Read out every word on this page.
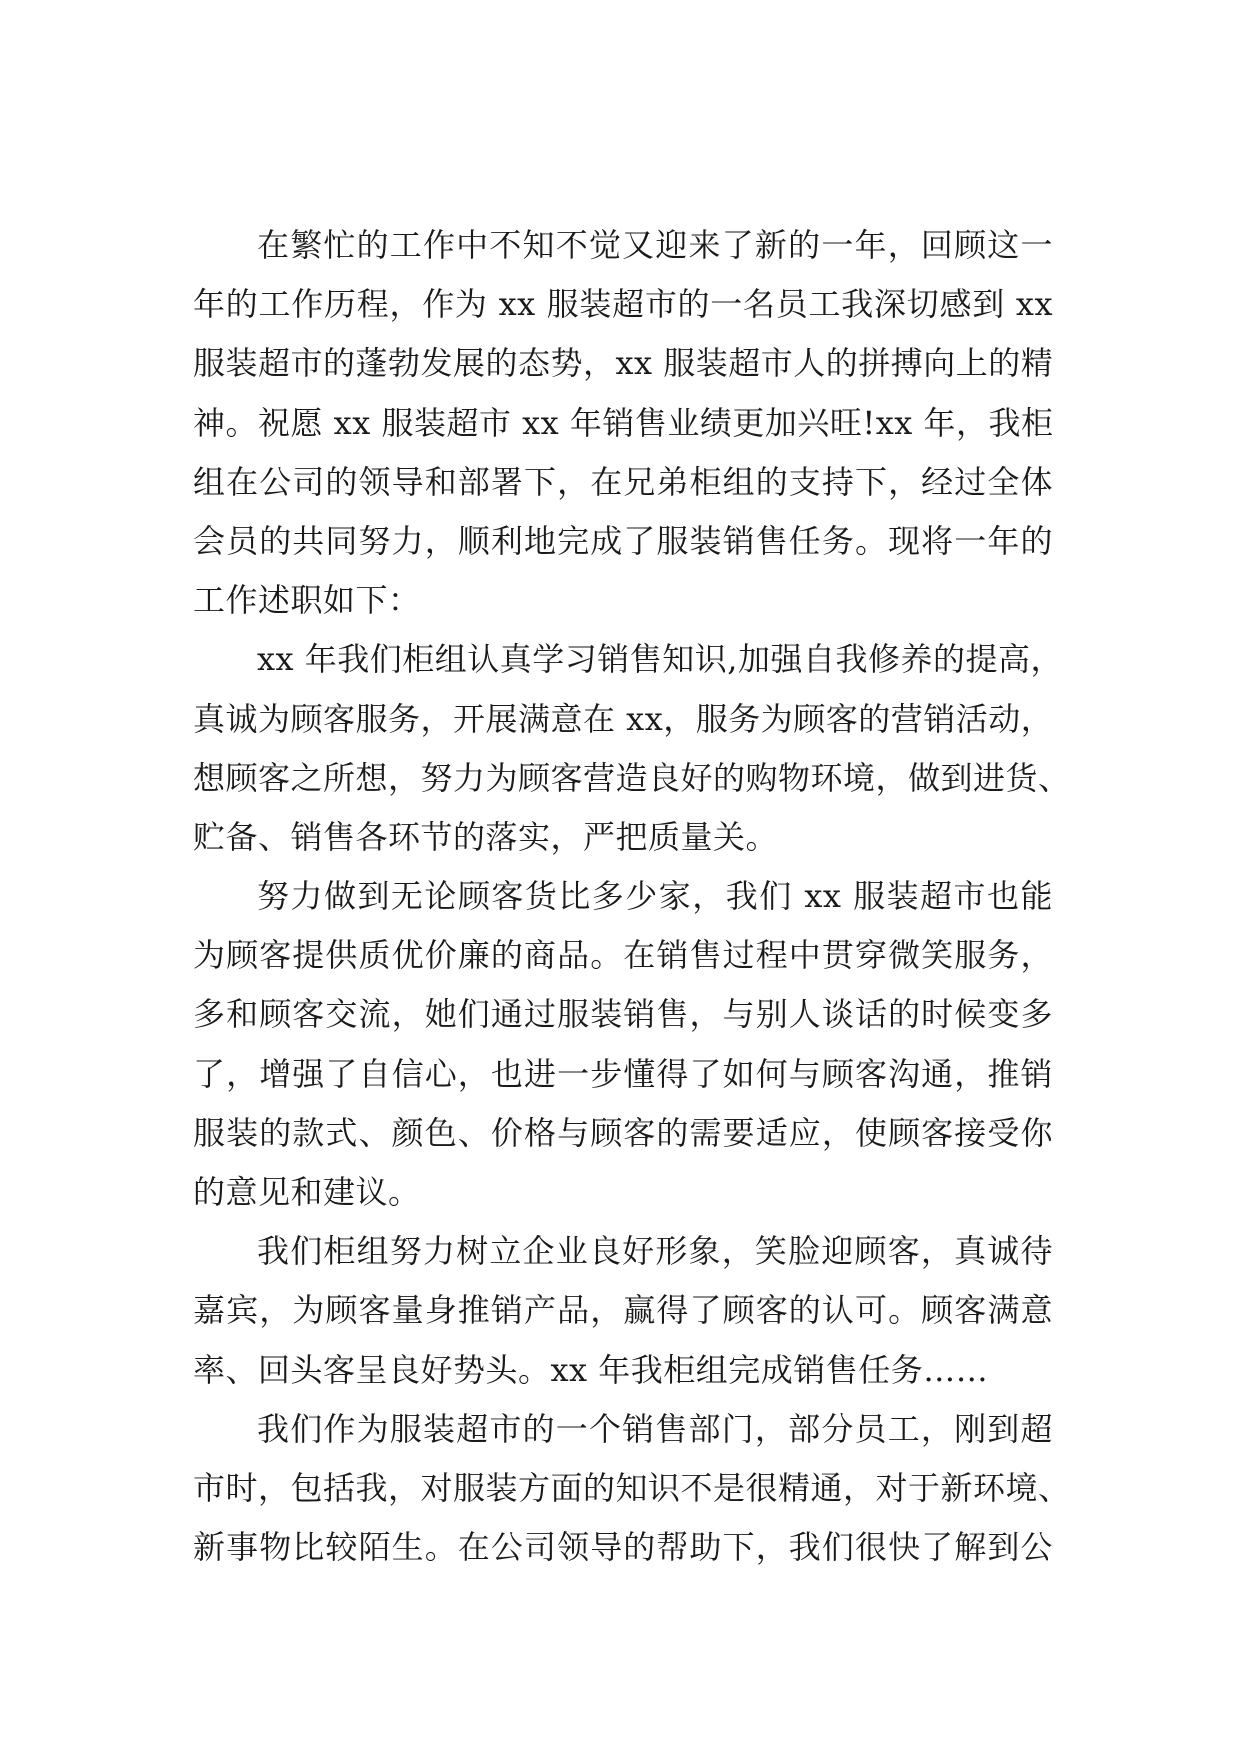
在繁忙的工作中不知不觉又迎来了新的一年，回顾这一
年的工作历程，作为 xx 服装超市的一名员工我深切感到 xx
服装超市的蓬勃发展的态势，xx 服装超市人的拼搏向上的精
神。祝愿 xx 服装超市 xx 年销售业绩更加兴旺!xx 年，我柜
组在公司的领导和部署下，在兄弟柜组的支持下，经过全体
会员的共同努力，顺利地完成了服装销售任务。现将一年的
工作述职如下：
xx 年我们柜组认真学习销售知识,加强自我修养的提高，
真诚为顾客服务，开展满意在 xx，服务为顾客的营销活动，
想顾客之所想，努力为顾客营造良好的购物环境，做到进货、
贮备、销售各环节的落实，严把质量关。
努力做到无论顾客货比多少家，我们 xx 服装超市也能
为顾客提供质优价廉的商品。在销售过程中贯穿微笑服务，
多和顾客交流，她们通过服装销售，与别人谈话的时候变多
了，增强了自信心，也进一步懂得了如何与顾客沟通，推销
服装的款式、颜色、价格与顾客的需要适应，使顾客接受你
的意见和建议。
我们柜组努力树立企业良好形象，笑脸迎顾客，真诚待
嘉宾，为顾客量身推销产品，赢得了顾客的认可。顾客满意
率、回头客呈良好势头。xx 年我柜组完成销售任务……
我们作为服装超市的一个销售部门，部分员工，刚到超
市时，包括我，对服装方面的知识不是很精通，对于新环境、
新事物比较陌生。在公司领导的帮助下，我们很快了解到公
